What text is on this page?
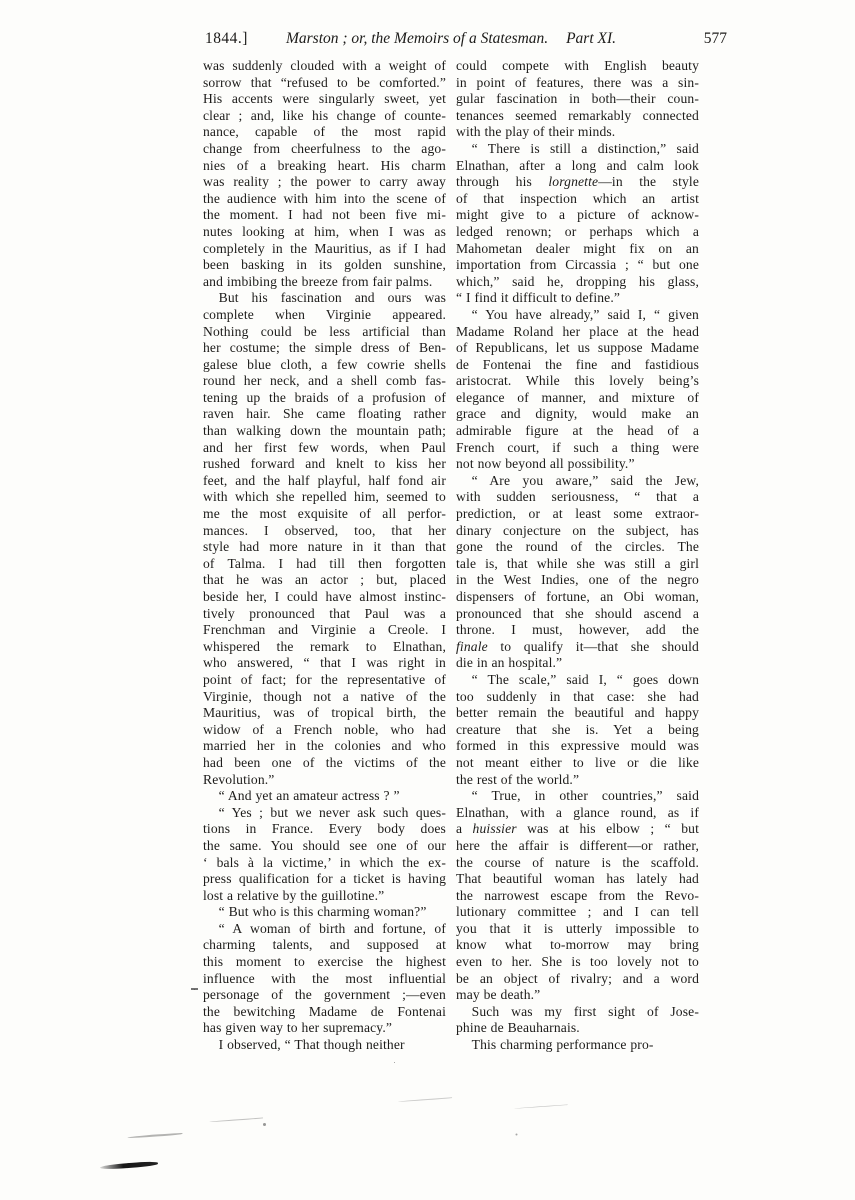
1844.]	Marston ; or, the Memoirs of a Statesman. Part XI.	577
was suddenly clouded with a weight of
sorrow that “refused to be comforted.”
His accents were singularly sweet, yet
clear ; and, like his change of counte-
nance, capable of the most rapid
change from cheerfulness to the ago-
nies of a breaking heart. His charm
was reality ; the power to carry away
the audience with him into the scene of
the moment. I had not been five mi-
nutes looking at him, when I was as
completely in the Mauritius, as if I had
been basking in its golden sunshine,
and imbibing the breeze from fair palms.
But his fascination and ours was
complete when Virginie appeared.
Nothing could be less artificial than
her costume; the simple dress of Ben-
galese blue cloth, a few cowrie shells
round her neck, and a shell comb fas-
tening up the braids of a profusion of
raven hair. She came floating rather
than walking down the mountain path;
and her first few words, when Paul
rushed forward and knelt to kiss her
feet, and the half playful, half fond air
with which she repelled him, seemed to
me the most exquisite of all perfor-
mances. I observed, too, that her
style had more nature in it than that
of Talma. I had till then forgotten
that he was an actor ; but, placed
beside her, I could have almost instinc-
tively pronounced that Paul was a
Frenchman and Virginie a Creole. I
whispered the remark to Elnathan,
who answered, “ that I was right in
point of fact; for the representative of
Virginie, though not a native of the
Mauritius, was of tropical birth, the
widow of a French noble, who had
married her in the colonies and who
had been one of the victims of the
Revolution.”
“ And yet an amateur actress ? ”
“ Yes ; but we never ask such ques-
tions in France. Every body does
the same. You should see one of our
‘ bals à la victime,’ in which the ex-
press qualification for a ticket is having
lost a relative by the guillotine.”
“ But who is this charming woman?”
“ A woman of birth and fortune, of
charming talents, and supposed at
this moment to exercise the highest
influence with the most influential
personage of the government ;—even
the bewitching Madame de Fontenai
has given way to her supremacy.”
I observed, “ That though neither
could compete with English beauty
in point of features, there was a sin-
gular fascination in both—their coun-
tenances seemed remarkably connected
with the play of their minds.
“ There is still a distinction,” said
Elnathan, after a long and calm look
through his lorgnette—in the style
of that inspection which an artist
might give to a picture of acknow-
ledged renown; or perhaps which a
Mahometan dealer might fix on an
importation from Circassia ; “ but one
which,” said he, dropping his glass,
“ I find it difficult to define.”
“ You have already,” said I, “ given
Madame Roland her place at the head
of Republicans, let us suppose Madame
de Fontenai the fine and fastidious
aristocrat. While this lovely being’s
elegance of manner, and mixture of
grace and dignity, would make an
admirable figure at the head of a
French court, if such a thing were
not now beyond all possibility.”
“ Are you aware,” said the Jew,
with sudden seriousness, “ that a
prediction, or at least some extraor-
dinary conjecture on the subject, has
gone the round of the circles. The
tale is, that while she was still a girl
in the West Indies, one of the negro
dispensers of fortune, an Obi woman,
pronounced that she should ascend a
throne. I must, however, add the
finale to qualify it—that she should
die in an hospital.”
“ The scale,” said I, “ goes down
too suddenly in that case: she had
better remain the beautiful and happy
creature that she is. Yet a being
formed in this expressive mould was
not meant either to live or die like
the rest of the world.”
“ True, in other countries,” said
Elnathan, with a glance round, as if
a huissier was at his elbow ; “ but
here the affair is different—or rather,
the course of nature is the scaffold.
That beautiful woman has lately had
the narrowest escape from the Revo-
lutionary committee ; and I can tell
you that it is utterly impossible to
know what to-morrow may bring
even to her. She is too lovely not to
be an object of rivalry; and a word
may be death.”
Such was my first sight of Jose-
phine de Beauharnais.
This charming performance pro-
